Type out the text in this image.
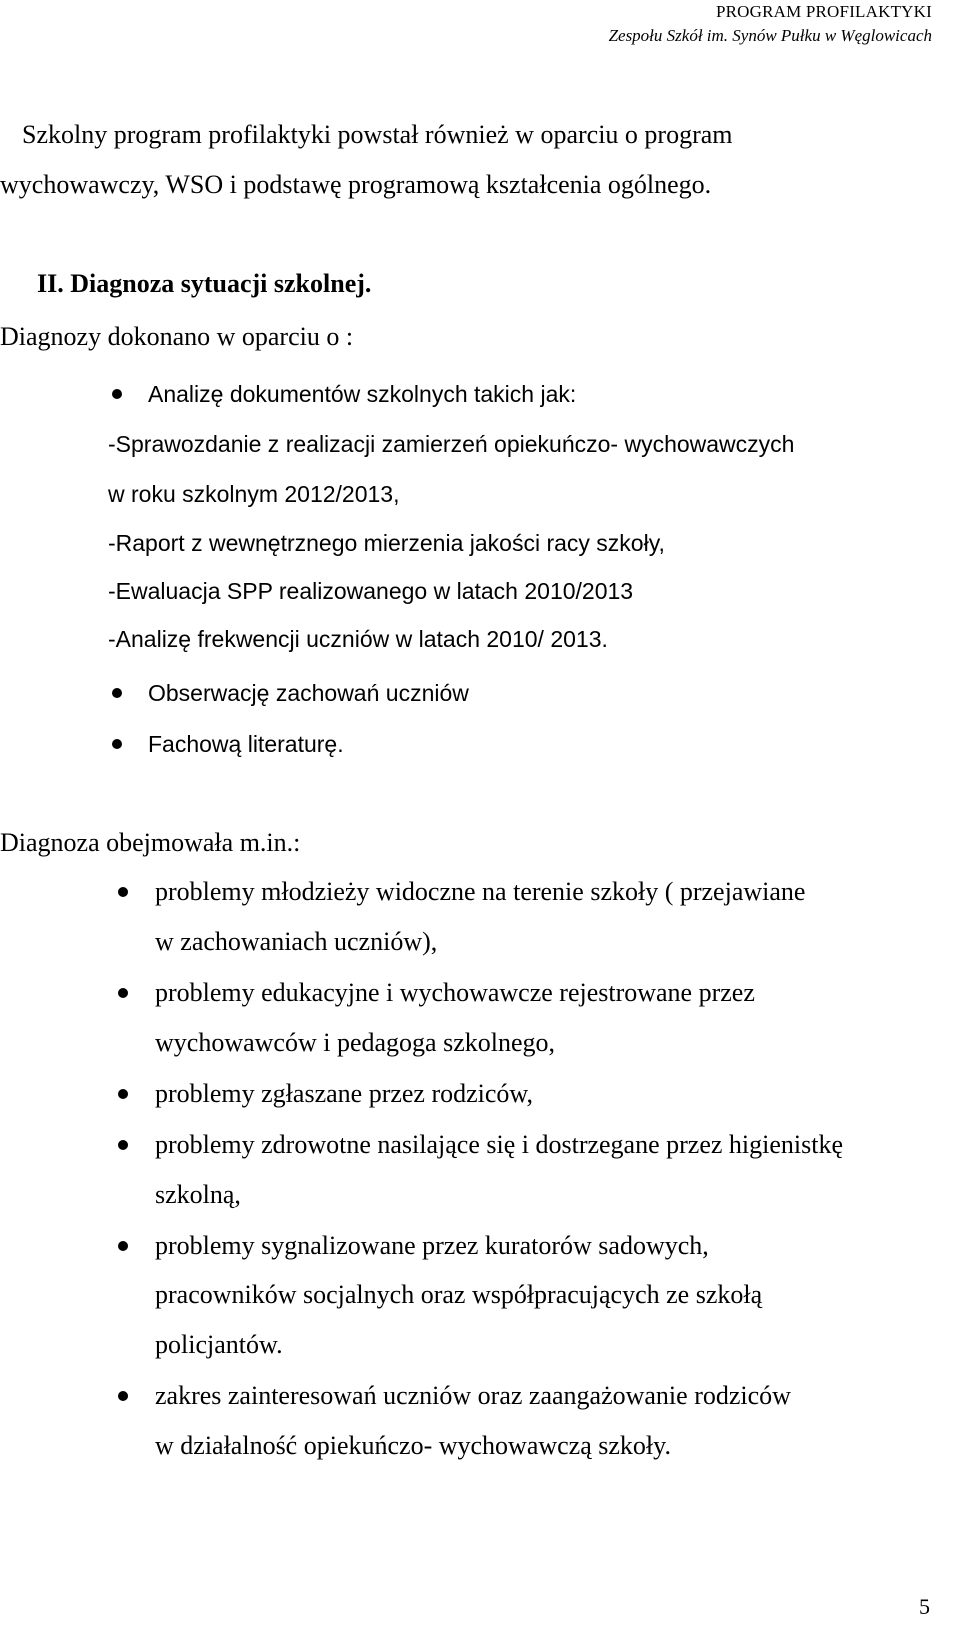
PROGRAM PROFILAKTYKI
Zespołu Szkół im. Synów Pułku w Węglowicach
Szkolny program profilaktyki powstał również w oparciu o program
wychowawczy, WSO i podstawę programową kształcenia ogólnego.
II. Diagnoza sytuacji szkolnej.
Diagnozy dokonano w oparciu o :
Analizę dokumentów szkolnych takich jak:
-Sprawozdanie z realizacji zamierzeń opiekuńczo- wychowawczych
w roku szkolnym 2012/2013,
-Raport z wewnętrznego mierzenia jakości racy szkoły,
-Ewaluacja SPP realizowanego w latach 2010/2013
-Analizę frekwencji uczniów w latach 2010/ 2013.
Obserwację zachowań uczniów
Fachową literaturę.
Diagnoza obejmowała m.in.:
problemy młodzieży widoczne na terenie szkoły ( przejawiane
w zachowaniach uczniów),
problemy edukacyjne i wychowawcze rejestrowane przez
wychowawców i pedagoga szkolnego,
problemy zgłaszane przez rodziców,
problemy zdrowotne nasilające się i dostrzegane przez higienistkę
szkolną,
problemy sygnalizowane przez kuratorów sadowych,
pracowników socjalnych oraz współpracujących ze szkołą
policjantów.
zakres zainteresowań uczniów oraz zaangażowanie rodziców
w działalność opiekuńczo- wychowawczą szkoły.
5
